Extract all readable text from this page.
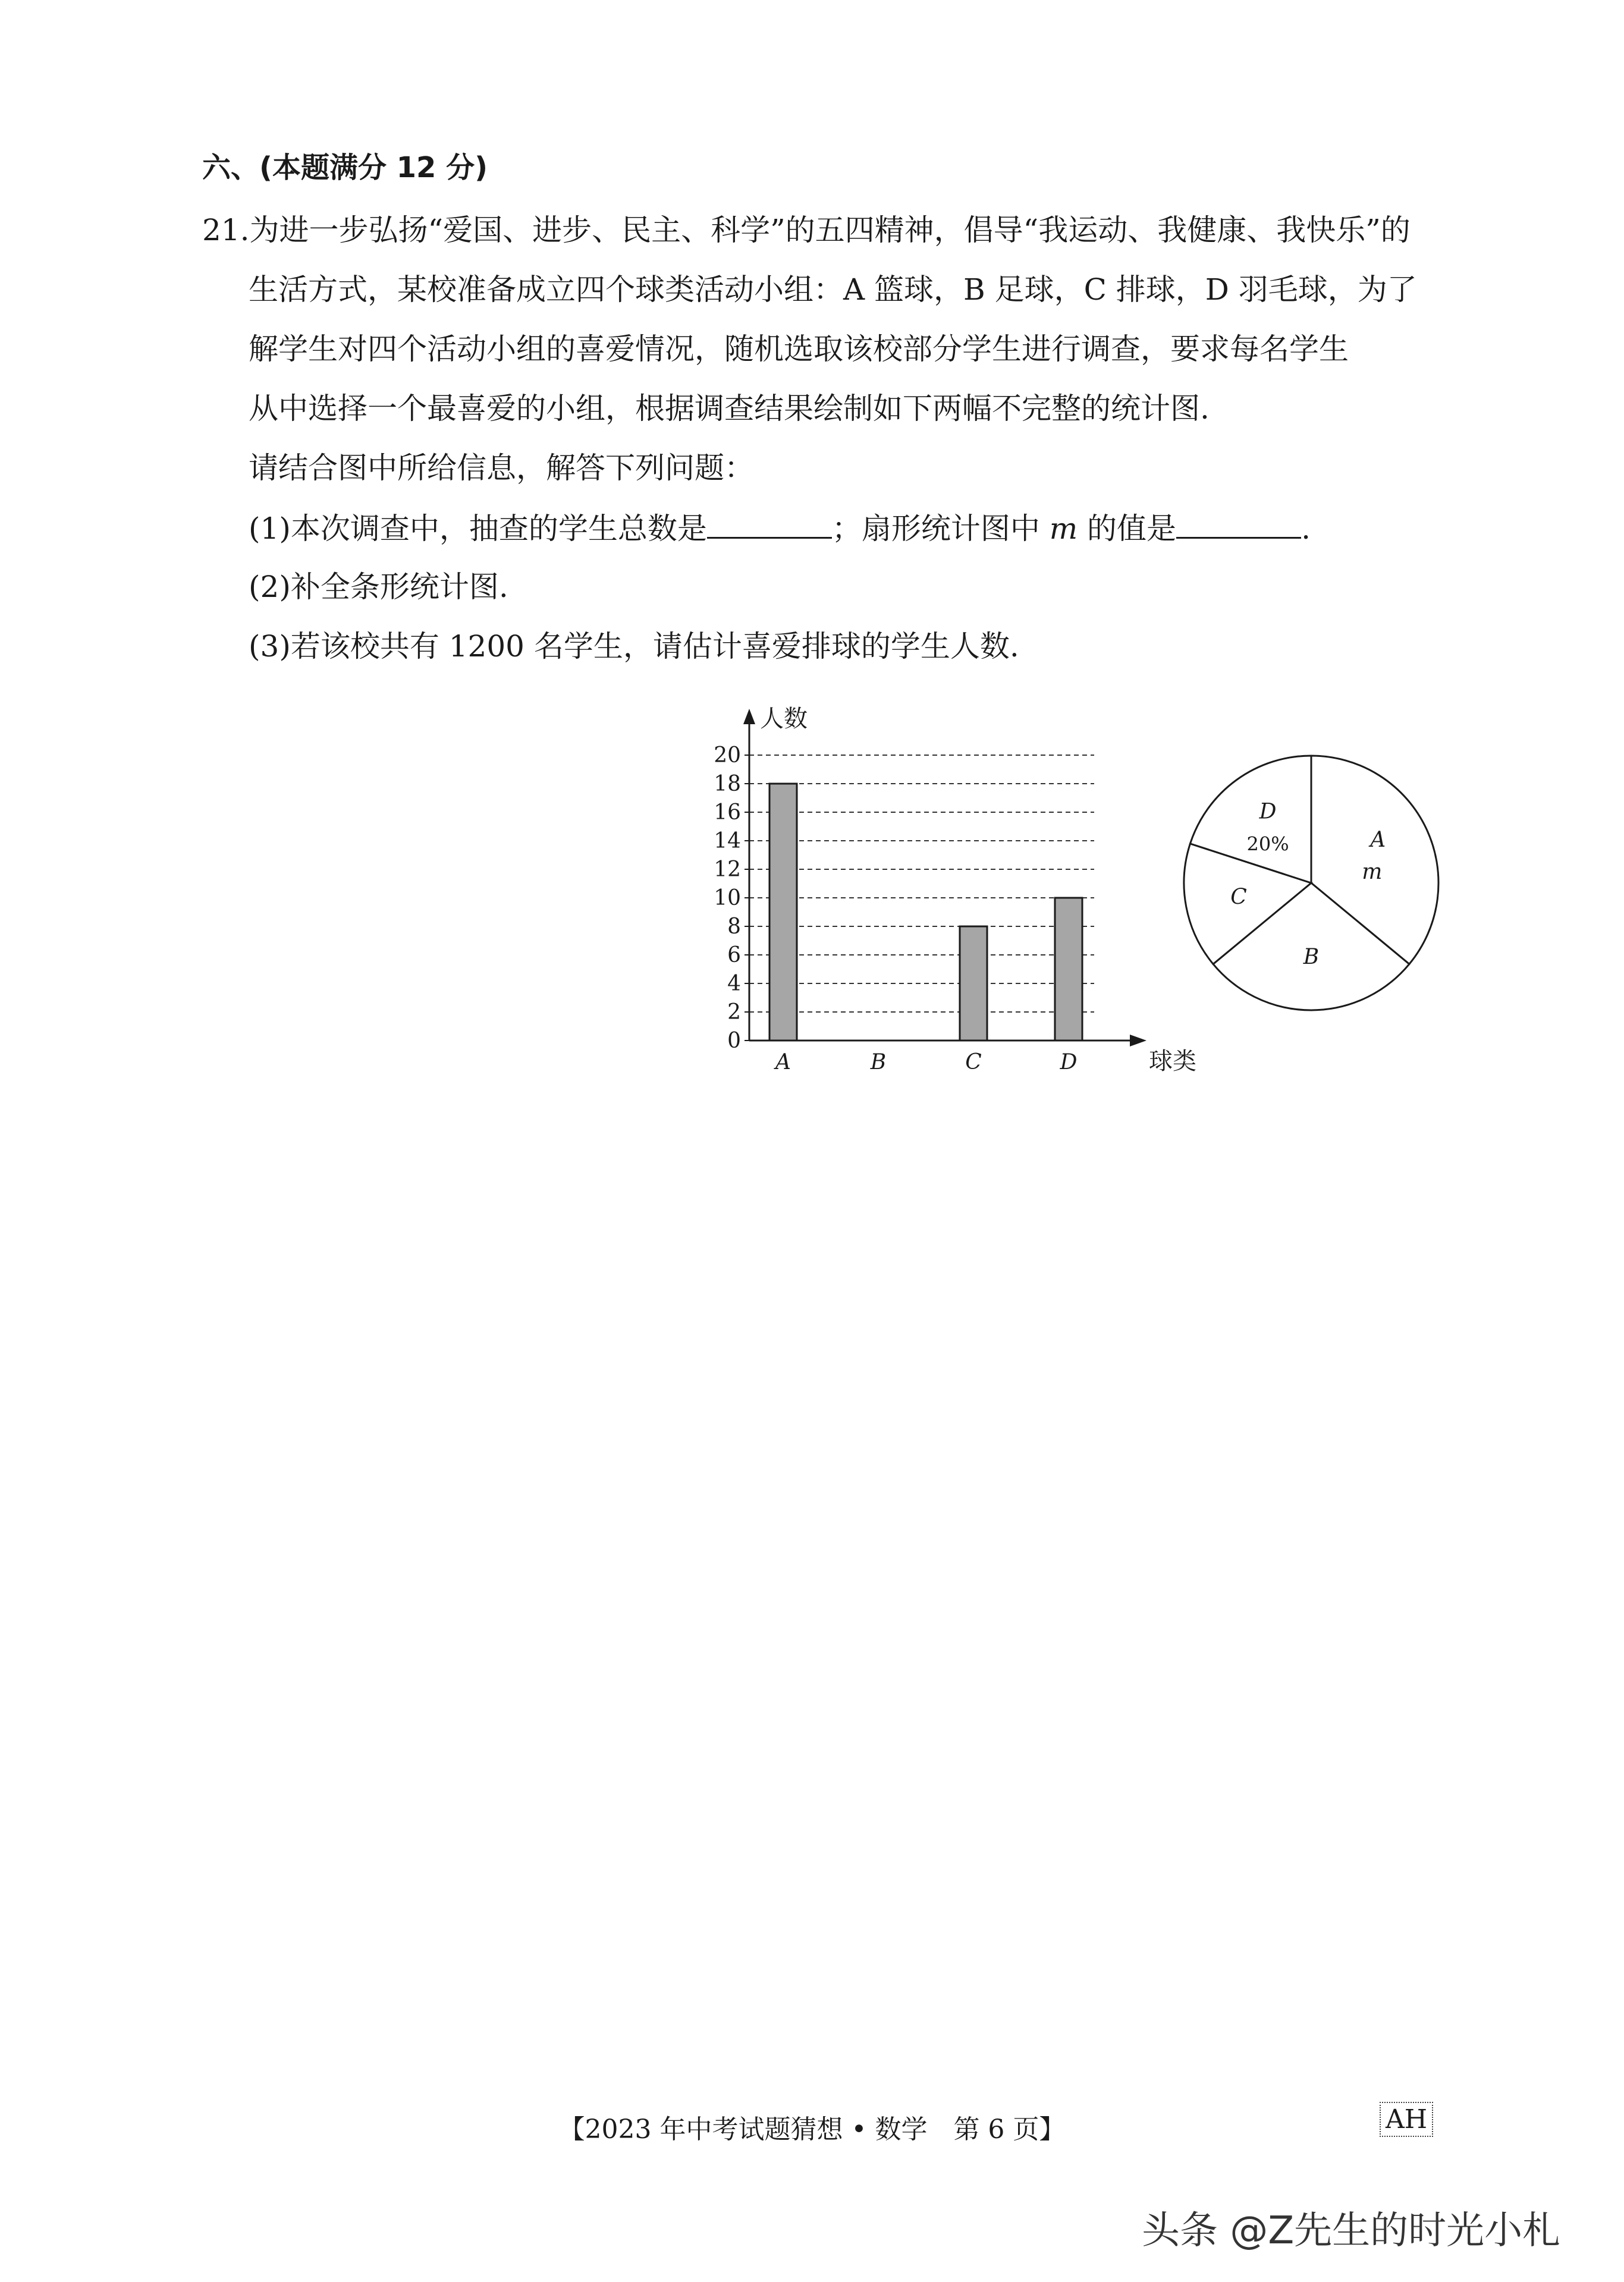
六、(本题满分 12 分)
21.为进一步弘扬“爱国、进步、民主、科学”的五四精神，倡导“我运动、我健康、我快乐”的
生活方式，某校准备成立四个球类活动小组：A 篮球，B 足球，C 排球，D 羽毛球，为了
解学生对四个活动小组的喜爱情况，随机选取该校部分学生进行调查，要求每名学生
从中选择一个最喜爱的小组，根据调查结果绘制如下两幅不完整的统计图.
请结合图中所给信息，解答下列问题：
(1)本次调查中，抽查的学生总数是	；扇形统计图中 m 的值是	.
(2)补全条形统计图.
(3)若该校共有 1200 名学生，请估计喜爱排球的学生人数.
0
2
4
6
8
10
12
14
16
18
20
人数
球类
A	B	C	D
A
m
B
C
D
20%
【2023 年中考试题猜想 • 数学　第 6 页】	AH
头条 @Z先生的时光小札
